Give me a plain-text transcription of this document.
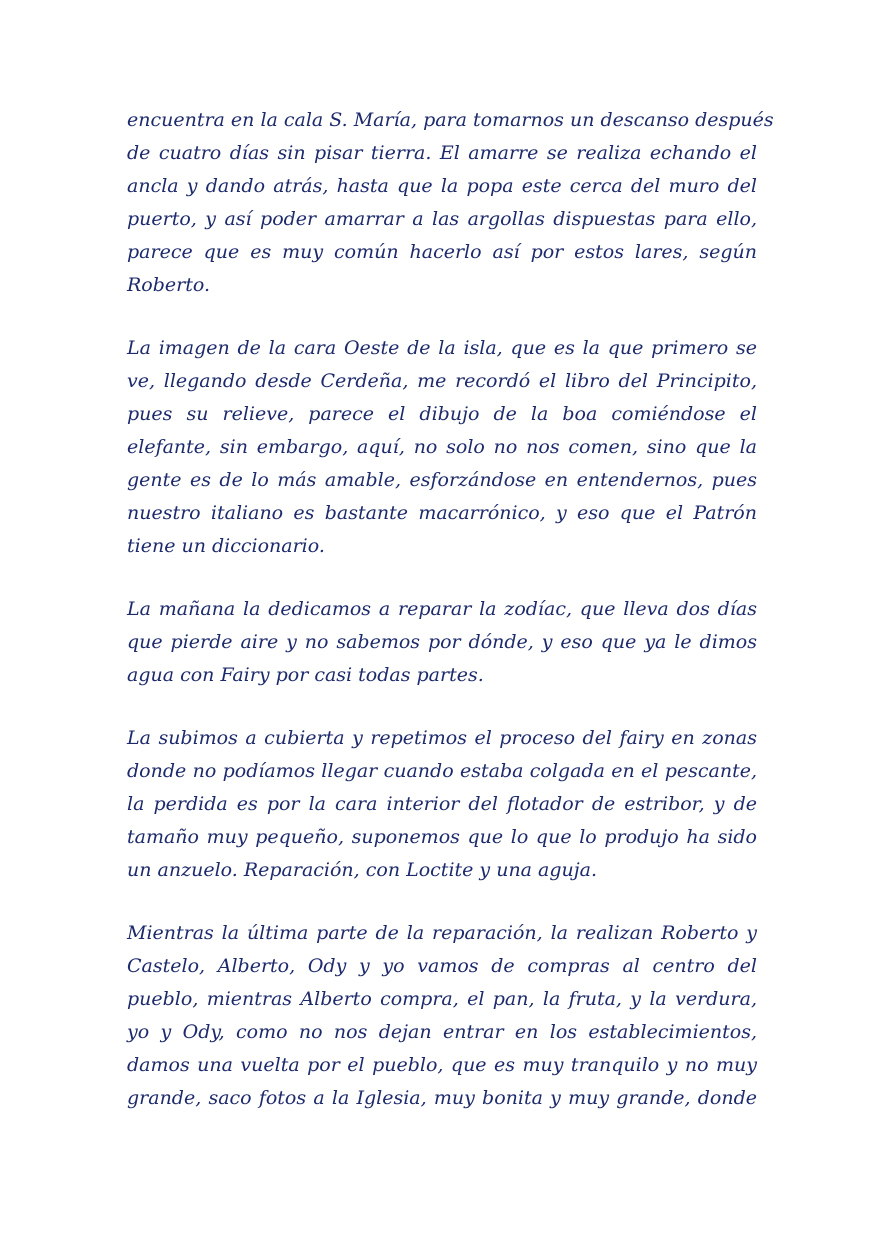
encuentra en la cala S. María, para tomarnos un descanso después
de cuatro días sin pisar tierra. El amarre se realiza echando el
ancla y dando atrás, hasta que la popa este cerca del muro del
puerto, y así poder amarrar a las argollas dispuestas para ello,
parece que es muy común hacerlo así por estos lares, según
Roberto.
La imagen de la cara Oeste de la isla, que es la que primero se
ve, llegando desde Cerdeña, me recordó el libro del Principito,
pues su relieve, parece el dibujo de la boa comiéndose el
elefante, sin embargo, aquí, no solo no nos comen, sino que la
gente es de lo más amable, esforzándose en entendernos, pues
nuestro italiano es bastante macarrónico, y eso que el Patrón
tiene un diccionario.
La mañana la dedicamos a reparar la zodíac, que lleva dos días
que pierde aire y no sabemos por dónde, y eso que ya le dimos
agua con Fairy por casi todas partes.
La subimos a cubierta y repetimos el proceso del fairy en zonas
donde no podíamos llegar cuando estaba colgada en el pescante,
la perdida es por la cara interior del flotador de estribor, y de
tamaño muy pequeño, suponemos que lo que lo produjo ha sido
un anzuelo. Reparación, con Loctite y una aguja.
Mientras la última parte de la reparación, la realizan Roberto y
Castelo, Alberto, Ody y yo vamos de compras al centro del
pueblo, mientras Alberto compra, el pan, la fruta, y la verdura,
yo y Ody, como no nos dejan entrar en los establecimientos,
damos una vuelta por el pueblo, que es muy tranquilo y no muy
grande, saco fotos a la Iglesia, muy bonita y muy grande, donde
